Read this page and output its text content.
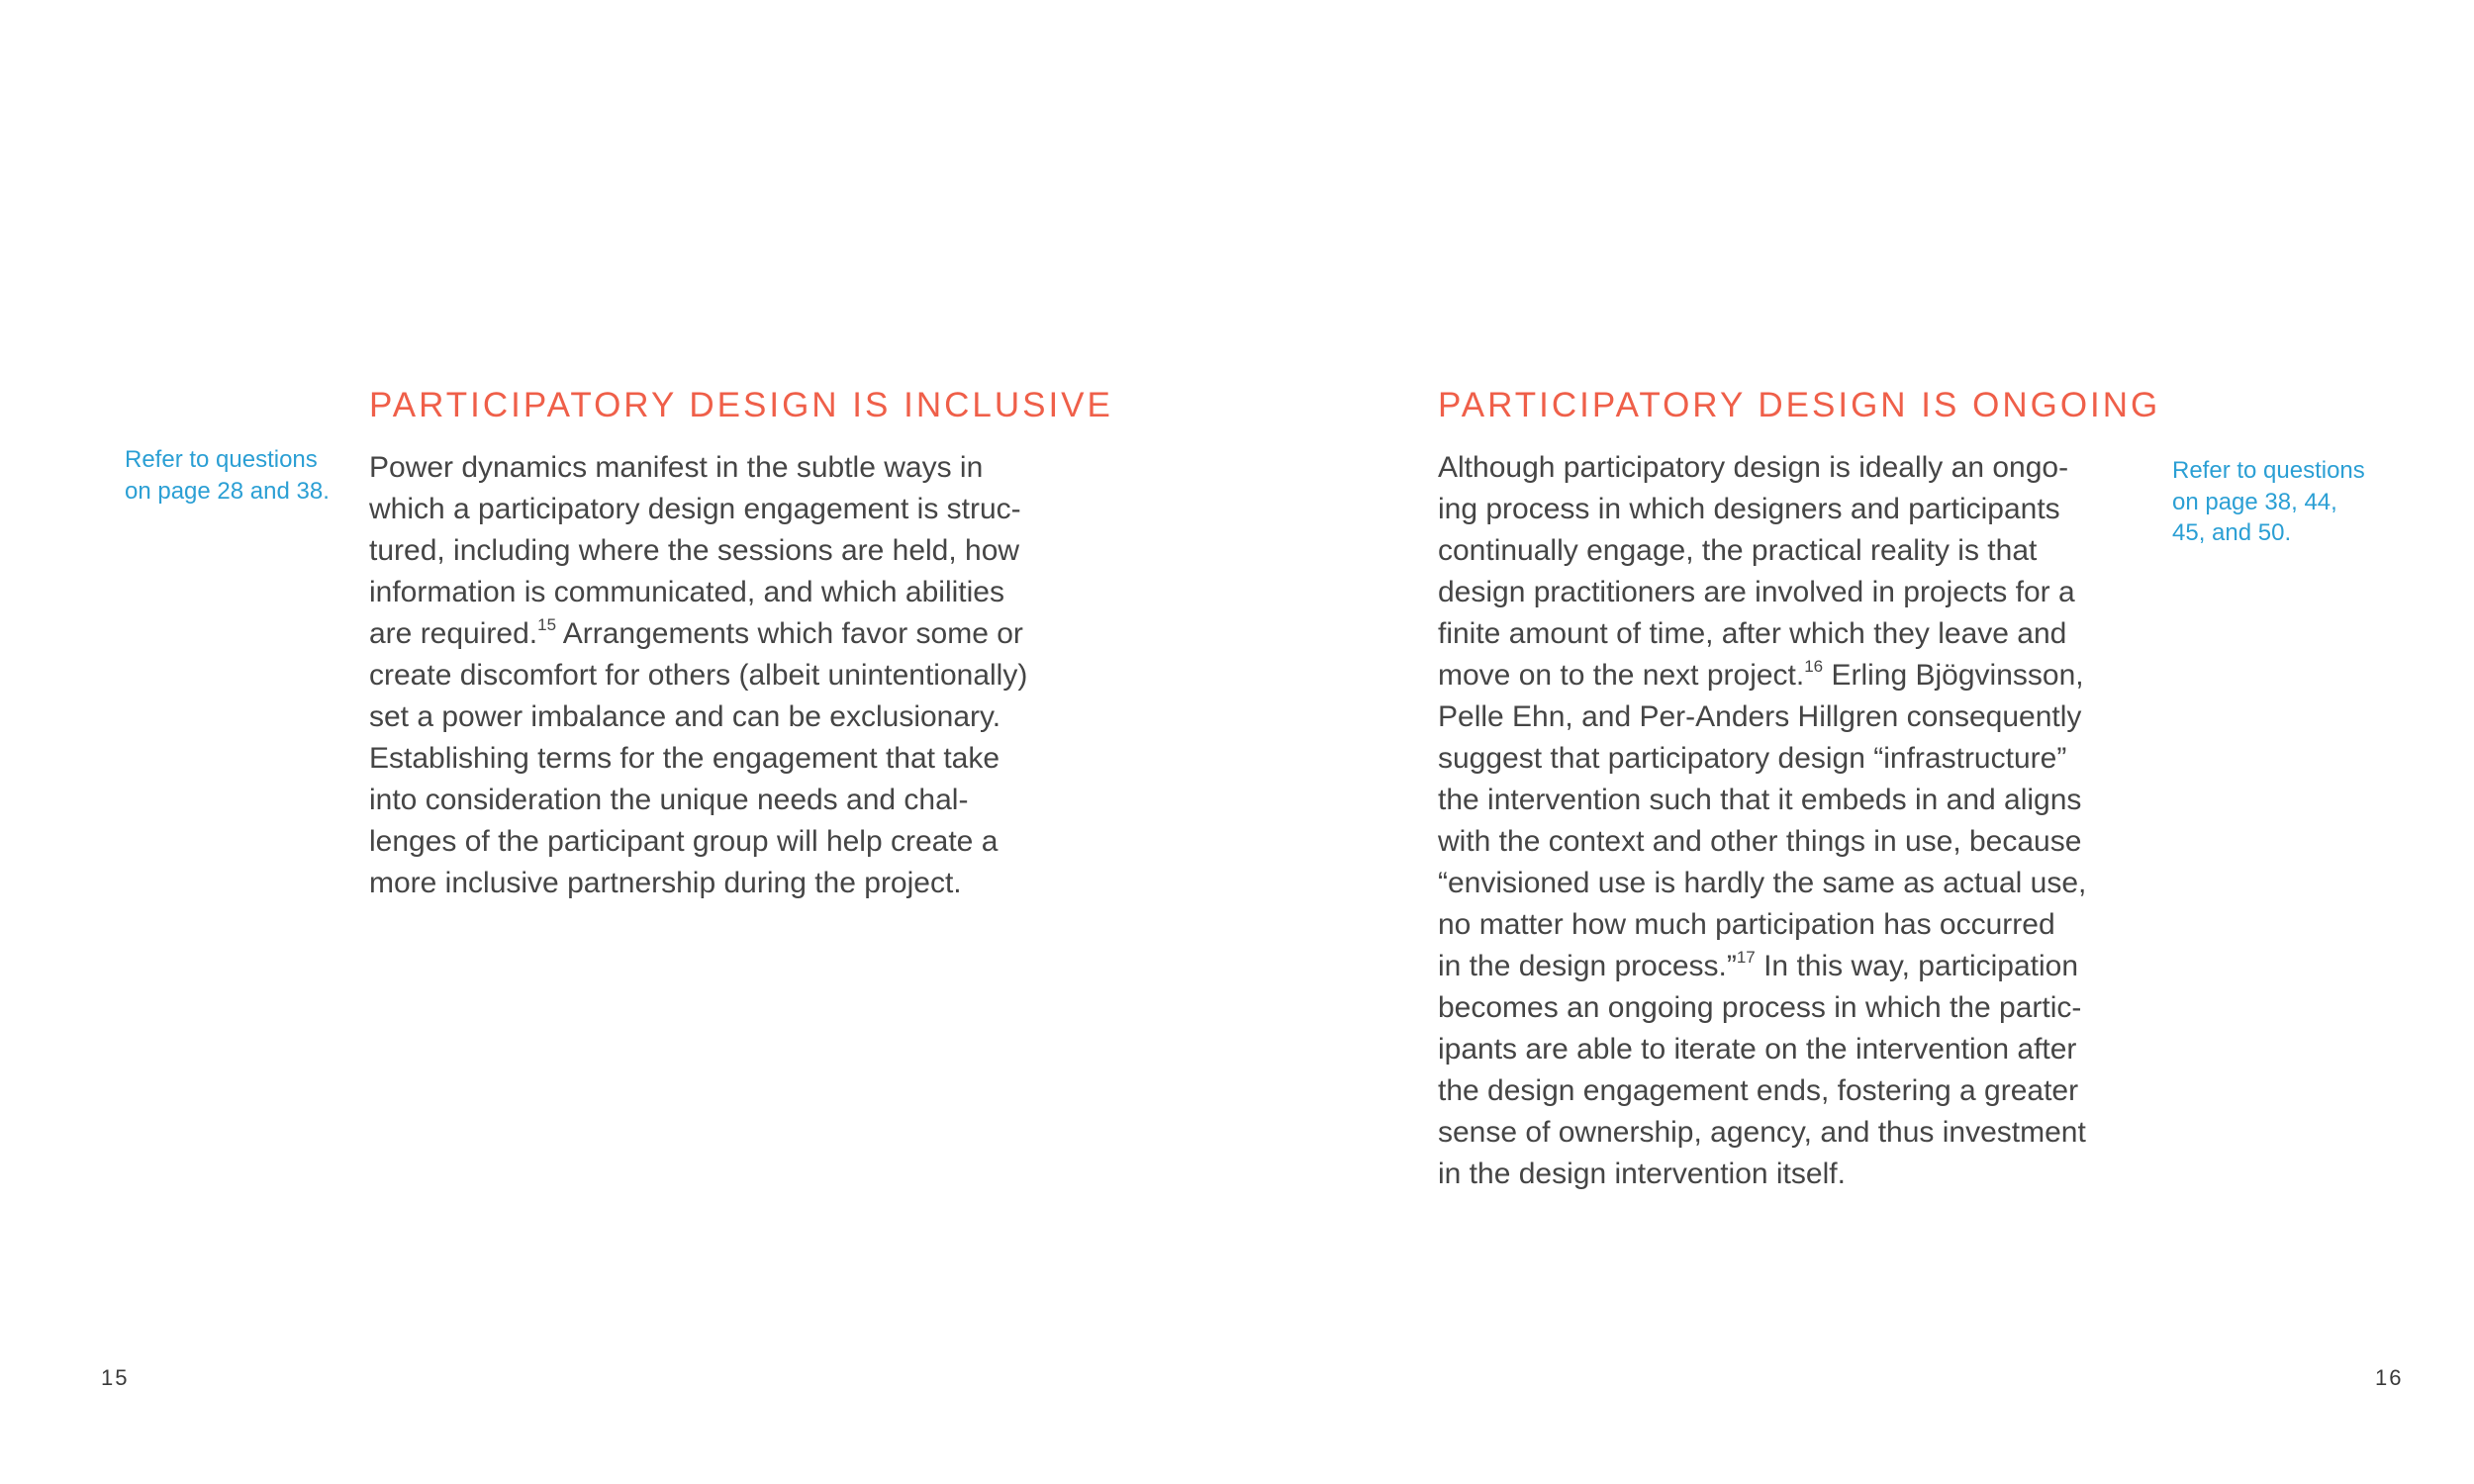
PARTICIPATORY DESIGN IS INCLUSIVE
Refer to questions
on page 28 and 38.
Power dynamics manifest in the subtle ways in
which a participatory design engagement is struc-
tured, including where the sessions are held, how
information is communicated, and which abilities
are required.$^{15}$ Arrangements which favor some or
create discomfort for others (albeit unintentionally)
set a power imbalance and can be exclusionary.
Establishing terms for the engagement that take
into consideration the unique needs and chal-
lenges of the participant group will help create a
more inclusive partnership during the project.
15
PARTICIPATORY DESIGN IS ONGOING
Refer to questions
on page 38, 44,
45, and 50.
Although participatory design is ideally an ongo-
ing process in which designers and participants
continually engage, the practical reality is that
design practitioners are involved in projects for a
finite amount of time, after which they leave and
move on to the next project.$^{16}$ Erling Bjögvinsson,
Pelle Ehn, and Per-Anders Hillgren consequently
suggest that participatory design “infrastructure”
the intervention such that it embeds in and aligns
with the context and other things in use, because
“envisioned use is hardly the same as actual use,
no matter how much participation has occurred
in the design process.”$^{17}$ In this way, participation
becomes an ongoing process in which the partic-
ipants are able to iterate on the intervention after
the design engagement ends, fostering a greater
sense of ownership, agency, and thus investment
in the design intervention itself.
16
